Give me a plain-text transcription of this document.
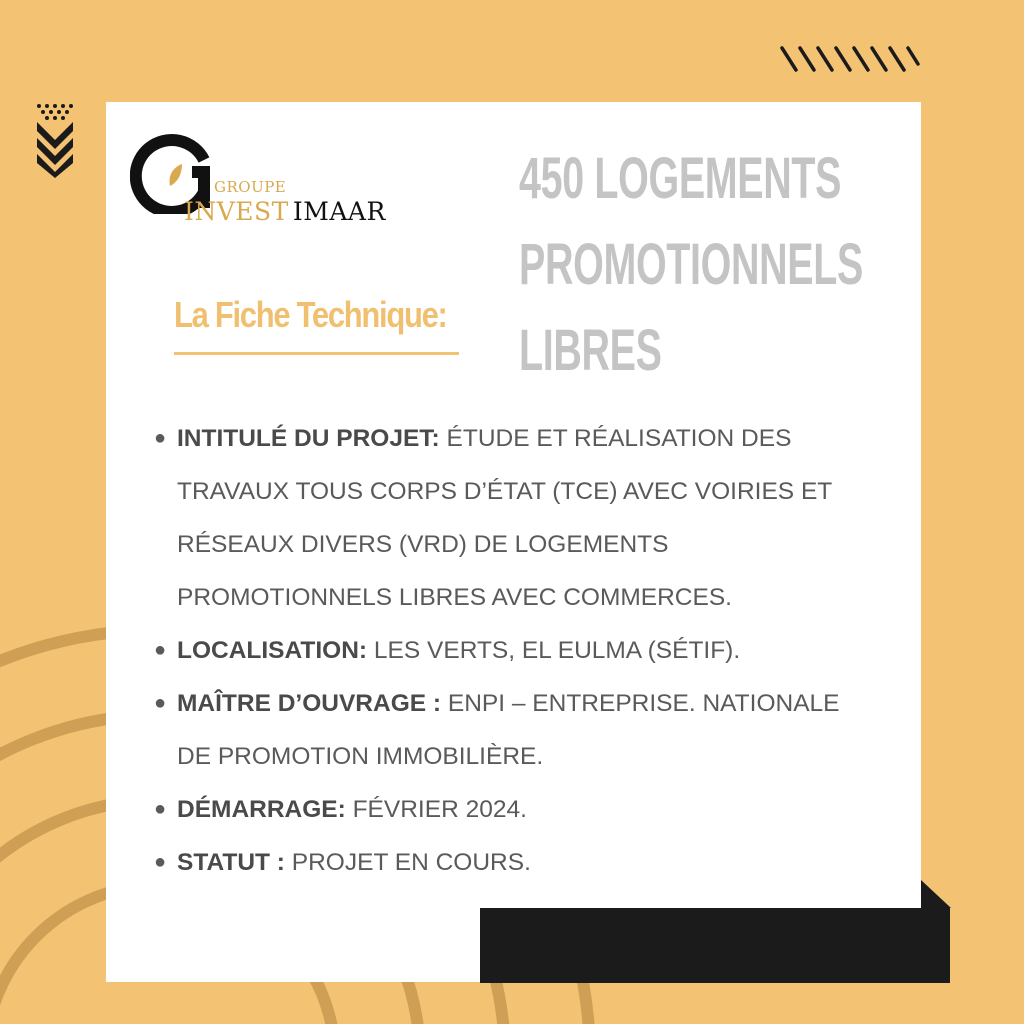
GROUPE
INVEST IMAAR
La Fiche Technique:
450 LOGEMENTS
PROMOTIONNELS
LIBRES
● INTITULÉ DU PROJET: ÉTUDE ET RÉALISATION DES TRAVAUX TOUS CORPS D’ÉTAT (TCE) AVEC VOIRIES ET RÉSEAUX DIVERS (VRD) DE LOGEMENTS PROMOTIONNELS LIBRES AVEC COMMERCES.
● LOCALISATION: LES VERTS, EL EULMA (SÉTIF).
● MAÎTRE D’OUVRAGE : ENPI – ENTREPRISE. NATIONALE DE PROMOTION IMMOBILIÈRE.
● DÉMARRAGE: FÉVRIER 2024.
● STATUT : PROJET EN COURS.
